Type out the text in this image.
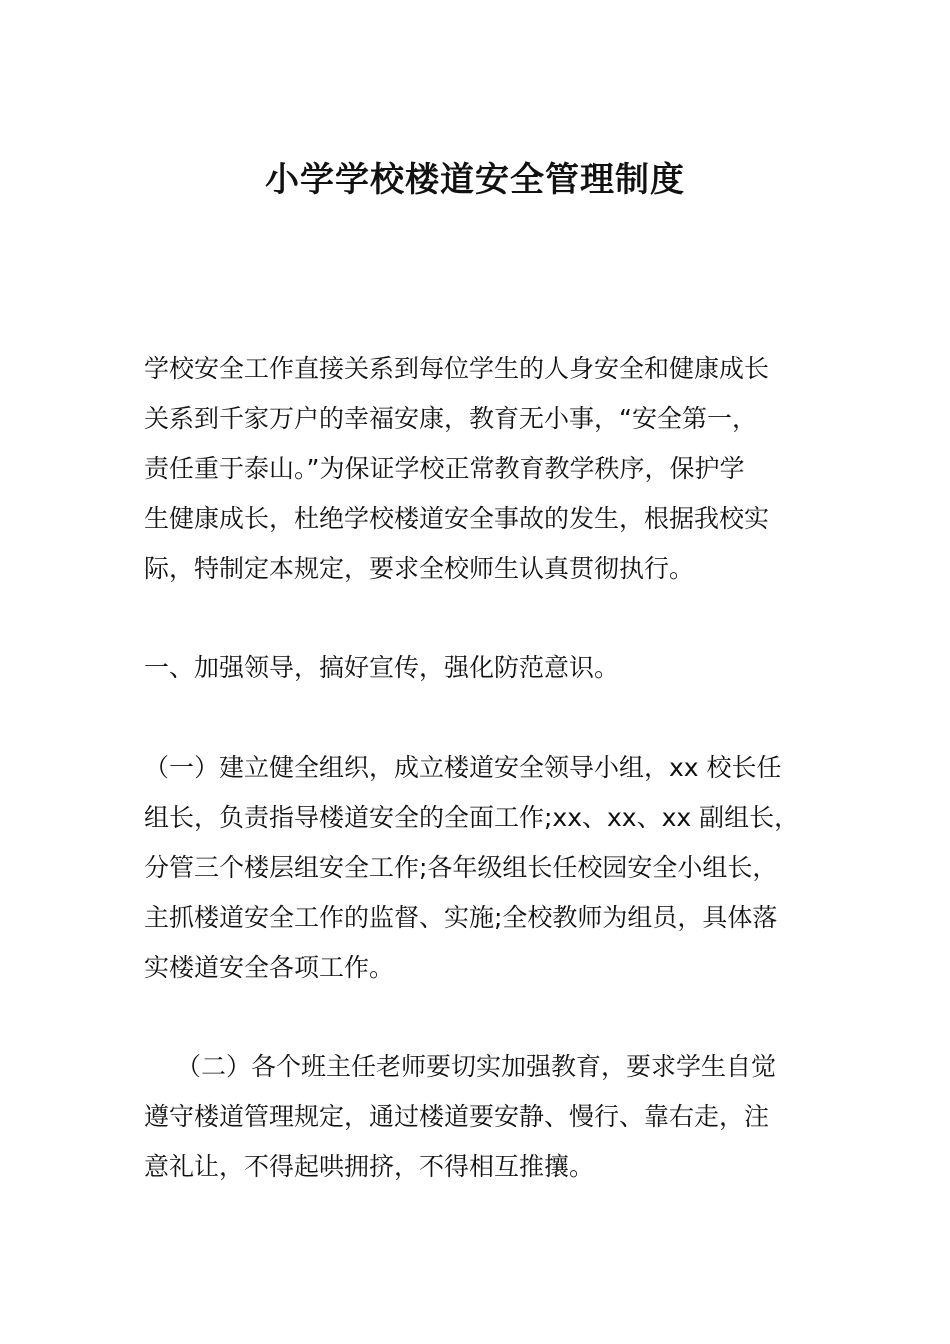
小学学校楼道安全管理制度

学校安全工作直接关系到每位学生的人身安全和健康成长
关系到千家万户的幸福安康，教育无小事，“安全第一，
责任重于泰山。”为保证学校正常教育教学秩序，保护学
生健康成长，杜绝学校楼道安全事故的发生，根据我校实
际，特制定本规定，要求全校师生认真贯彻执行。

一、加强领导，搞好宣传，强化防范意识。

（一）建立健全组织，成立楼道安全领导小组，xx 校长任
组长，负责指导楼道安全的全面工作;xx、xx、xx 副组长，
分管三个楼层组安全工作;各年级组长任校园安全小组长，
主抓楼道安全工作的监督、实施;全校教师为组员，具体落
实楼道安全各项工作。

（二）各个班主任老师要切实加强教育，要求学生自觉
遵守楼道管理规定，通过楼道要安静、慢行、靠右走，注
意礼让，不得起哄拥挤，不得相互推攘。
